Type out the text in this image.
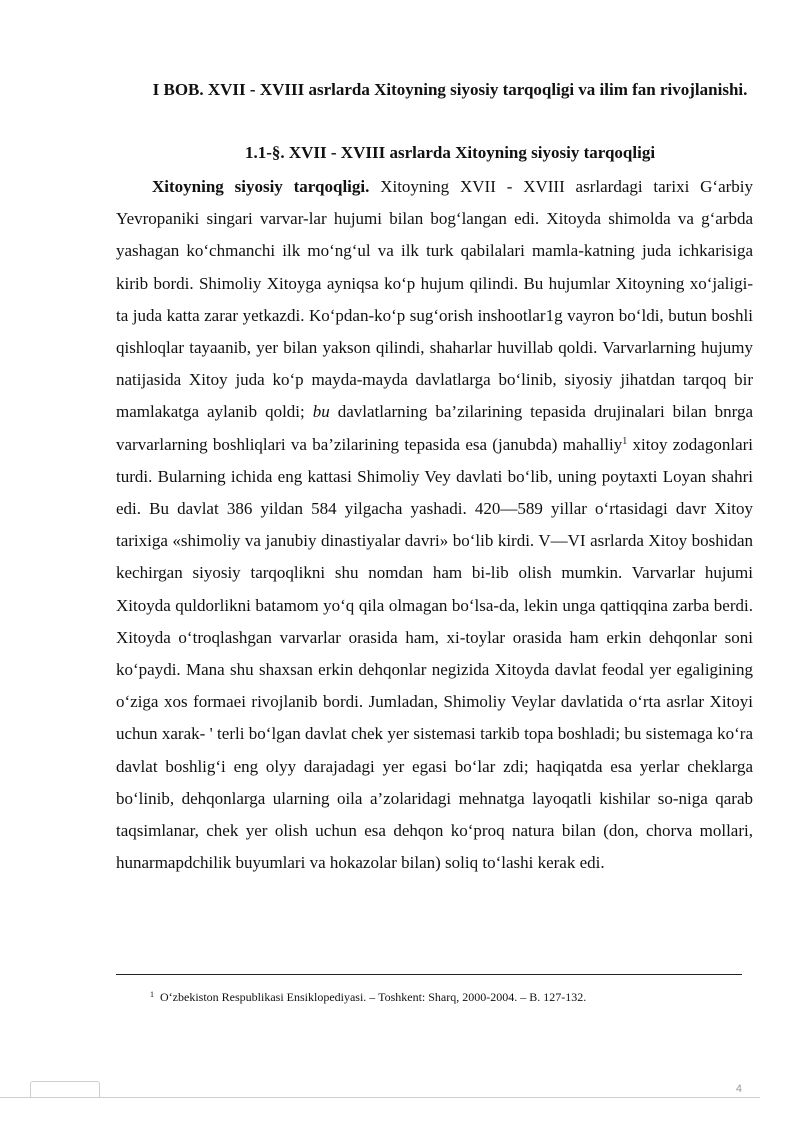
I BOB. XVII - XVIII asrlarda Xitoyning siyosiy tarqoqligi va ilim fan rivojlanishi.
1.1-§. XVII - XVIII asrlarda Xitoyning siyosiy tarqoqligi

Xitoyning siyosiy tarqoqligi. Xitoyning XVII - XVIII asrlardagi tarixi G‘arbiy Yevropaniki singari varvar-lar hujumi bilan bog‘langan edi. Xitoyda shimolda va g‘arbda yashagan ko‘chmanchi ilk mo‘ng‘ul va ilk turk qabilalari mamla-katning juda ichkarisiga kirib bordi. Shimoliy Xitoyga ayniqsa ko‘p hujum qilindi. Bu hujumlar Xitoyning xo‘jaligi- ta juda katta zarar yetkazdi. Ko‘pdan-ko‘p sug‘orish inshootlar1g vayron bo‘ldi, butun boshli qishloqlar tayaanib, yer bilan yakson qilindi, shaharlar huvillab qoldi. Varvarlarning hujumy natijasida Xitoy juda ko‘p mayda-mayda davlatlarga bo‘linib, siyosiy jihatdan tarqoq bir mamlakatga aylanib qoldi; bu davlatlarning ba’zilarining tepasida drujinalari bilan bnrga varvarlarning boshliqlari va ba’zilarining tepasida esa (janubda) mahalliy$^1$ xitoy zodagonlari turdi. Bularning ichida eng kattasi Shimoliy Vey davlati bo‘lib, uning poytaxti Loyan shahri edi. Bu davlat 386 yildan 584 yilgacha yashadi. 420—589 yillar o‘rtasidagi davr Xitoy tarixiga «shimoliy va janubiy dinastiyalar davri» bo‘lib kirdi. V—VI asrlarda Xitoy boshidan kechirgan siyosiy tarqoqlikni shu nomdan ham bi-lib olish mumkin. Varvarlar hujumi Xitoyda quldorlikni batamom yo‘q qila olmagan bo‘lsa-da, lekin unga qattiqqina zarba berdi. Xitoyda o‘troqlashgan varvarlar orasida ham, xi-toylar orasida ham erkin dehqonlar soni ko‘paydi. Mana shu shaxsan erkin dehqonlar negizida Xitoyda davlat feodal yer egaligining o‘ziga xos formaei rivojlanib bordi. Jumladan, Shimoliy Veylar davlatida o‘rta asrlar Xitoyi uchun xarak- ' terli bo‘lgan davlat chek yer sistemasi tarkib topa boshladi; bu sistemaga ko‘ra davlat boshlig‘i eng olyy darajadagi yer egasi bo‘lar zdi; haqiqatda esa yerlar cheklarga bo‘linib, dehqonlarga ularning oila a’zolaridagi mehnatga layoqatli kishilar so-niga qarab taqsimlanar, chek yer olish uchun esa dehqon ko‘proq natura bilan (don, chorva mollari, hunarmapdchilik buyumlari va hokazolar bilan) soliq to‘lashi kerak edi.

$^1$ O‘zbekiston Respublikasi Ensiklopediyasi. – Toshkent: Sharq, 2000-2004. – B. 127-132.

4
